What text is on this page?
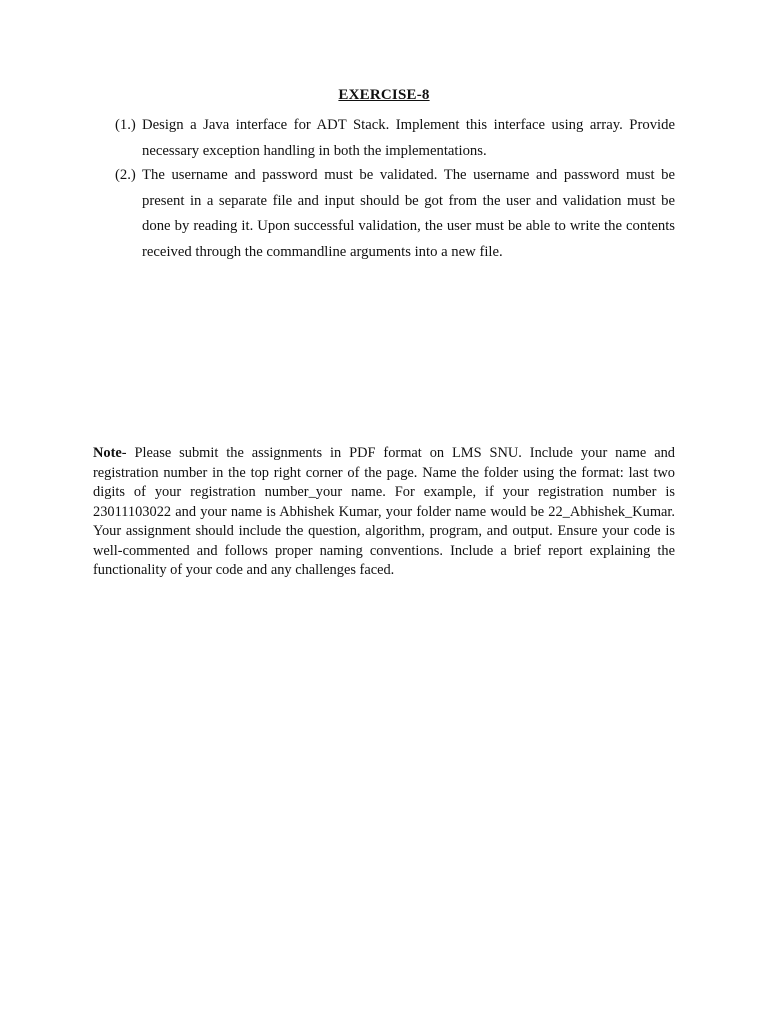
EXERCISE-8
(1.) Design a Java interface for ADT Stack. Implement this interface using array. Provide necessary exception handling in both the implementations.
(2.) The username and password must be validated. The username and password must be present in a separate file and input should be got from the user and validation must be done by reading it. Upon successful validation, the user must be able to write the contents received through the commandline arguments into a new file.
Note- Please submit the assignments in PDF format on LMS SNU. Include your name and registration number in the top right corner of the page. Name the folder using the format: last two digits of your registration number_your name. For example, if your registration number is 23011103022 and your name is Abhishek Kumar, your folder name would be 22_Abhishek_Kumar. Your assignment should include the question, algorithm, program, and output. Ensure your code is well-commented and follows proper naming conventions. Include a brief report explaining the functionality of your code and any challenges faced.
